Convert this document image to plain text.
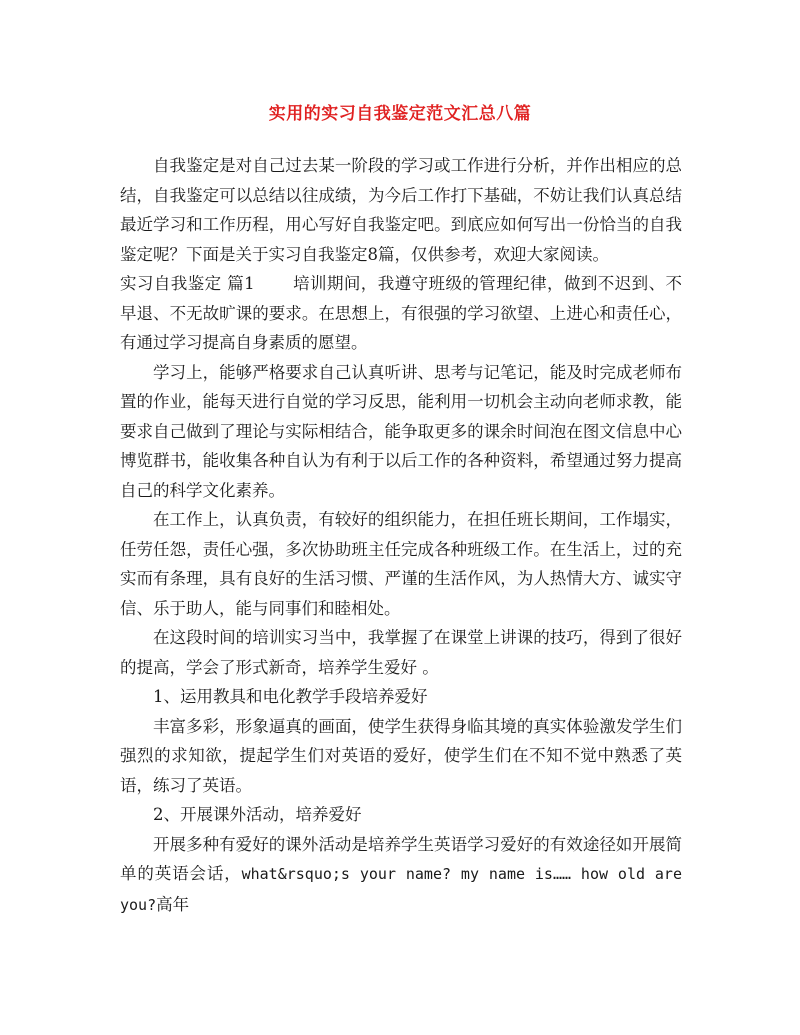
实用的实习自我鉴定范文汇总八篇

自我鉴定是对自己过去某一阶段的学习或工作进行分析，并作出相应的总结，自我鉴定可以总结以往成绩，为今后工作打下基础，不妨让我们认真总结最近学习和工作历程，用心写好自我鉴定吧。到底应如何写出一份恰当的自我鉴定呢？下面是关于实习自我鉴定8篇，仅供参考，欢迎大家阅读。

实习自我鉴定 篇1 培训期间，我遵守班级的管理纪律，做到不迟到、不早退、不无故旷课的要求。在思想上，有很强的学习欲望、上进心和责任心，有通过学习提高自身素质的愿望。

学习上，能够严格要求自己认真听讲、思考与记笔记，能及时完成老师布置的作业，能每天进行自觉的学习反思，能利用一切机会主动向老师求教，能要求自己做到了理论与实际相结合，能争取更多的课余时间泡在图文信息中心博览群书，能收集各种自认为有利于以后工作的各种资料，希望通过努力提高自己的科学文化素养。

在工作上，认真负责，有较好的组织能力，在担任班长期间，工作塌实，任劳任怨，责任心强，多次协助班主任完成各种班级工作。在生活上，过的充实而有条理，具有良好的生活习惯、严谨的生活作风，为人热情大方、诚实守信、乐于助人，能与同事们和睦相处。

在这段时间的培训实习当中，我掌握了在课堂上讲课的技巧，得到了很好的提高，学会了形式新奇，培养学生爱好 。

1、运用教具和电化教学手段培养爱好

丰富多彩，形象逼真的画面，使学生获得身临其境的真实体验激发学生们强烈的求知欲，提起学生们对英语的爱好，使学生们在不知不觉中熟悉了英语，练习了英语。

2、开展课外活动，培养爱好

开展多种有爱好的课外活动是培养学生英语学习爱好的有效途径如开展简单的英语会话，what&rsquo;s your name? my name is…… how old are you?高年
